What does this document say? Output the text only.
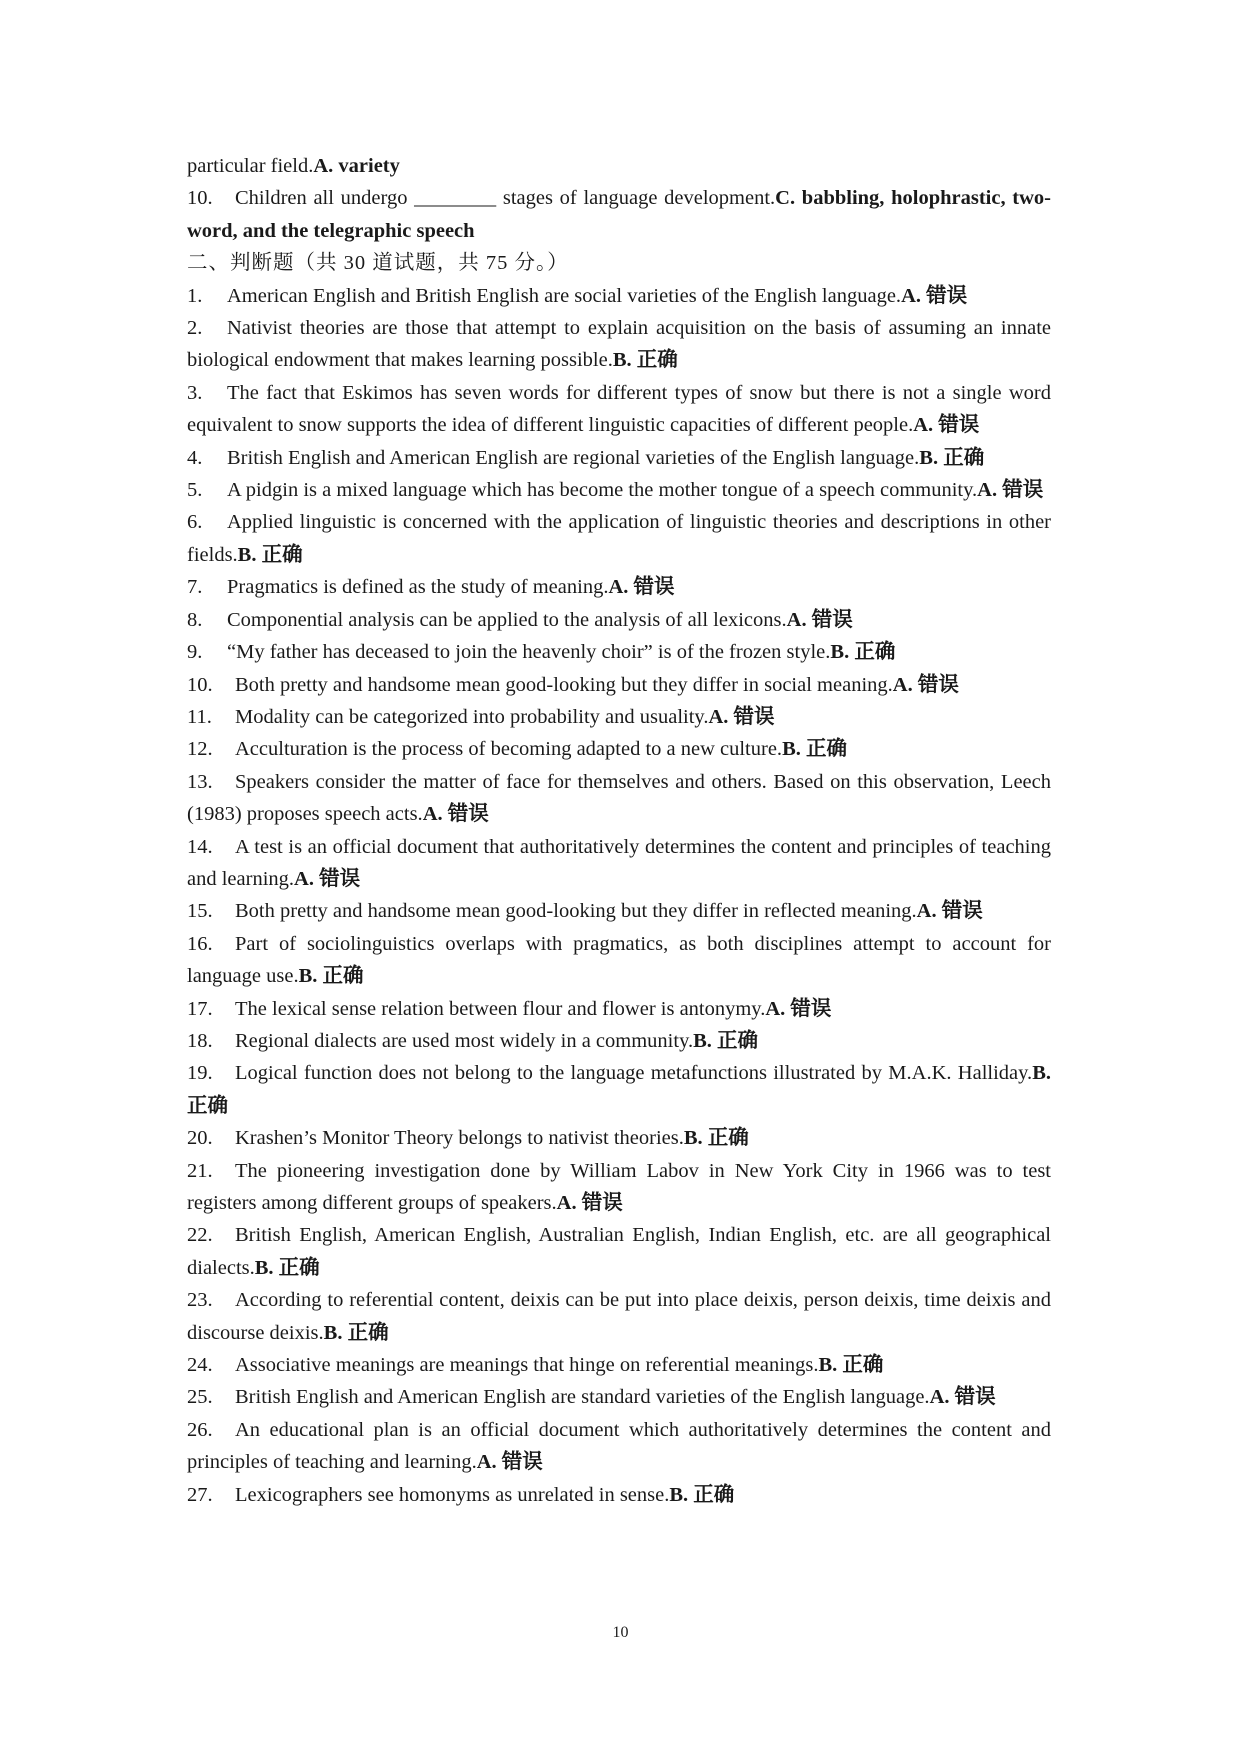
particular field.A. variety

10. Children all undergo ________ stages of language development.C. babbling, holophrastic, two-word, and the telegraphic speech

二、判断题（共 30 道试题，共 75 分。）

1. American English and British English are social varieties of the English language.A. 错误

2. Nativist theories are those that attempt to explain acquisition on the basis of assuming an innate biological endowment that makes learning possible.B. 正确

3. The fact that Eskimos has seven words for different types of snow but there is not a single word equivalent to snow supports the idea of different linguistic capacities of different people.A. 错误

4. British English and American English are regional varieties of the English language.B. 正确

5. A pidgin is a mixed language which has become the mother tongue of a speech community.A. 错误

6. Applied linguistic is concerned with the application of linguistic theories and descriptions in other fields.B. 正确

7. Pragmatics is defined as the study of meaning.A. 错误

8. Componential analysis can be applied to the analysis of all lexicons.A. 错误

9. “My father has deceased to join the heavenly choir” is of the frozen style.B. 正确

10. Both pretty and handsome mean good-looking but they differ in social meaning.A. 错误

11. Modality can be categorized into probability and usuality.A. 错误

12. Acculturation is the process of becoming adapted to a new culture.B. 正确

13. Speakers consider the matter of face for themselves and others. Based on this observation, Leech (1983) proposes speech acts.A. 错误

14. A test is an official document that authoritatively determines the content and principles of teaching and learning.A. 错误

15. Both pretty and handsome mean good-looking but they differ in reflected meaning.A. 错误

16. Part of sociolinguistics overlaps with pragmatics, as both disciplines attempt to account for language use.B. 正确

17. The lexical sense relation between flour and flower is antonymy.A. 错误

18. Regional dialects are used most widely in a community.B. 正确

19. Logical function does not belong to the language metafunctions illustrated by M.A.K. Halliday.B. 正确

20. Krashen’s Monitor Theory belongs to nativist theories.B. 正确

21. The pioneering investigation done by William Labov in New York City in 1966 was to test registers among different groups of speakers.A. 错误

22. British English, American English, Australian English, Indian English, etc. are all geographical dialects.B. 正确

23. According to referential content, deixis can be put into place deixis, person deixis, time deixis and discourse deixis.B. 正确

24. Associative meanings are meanings that hinge on referential meanings.B. 正确

25. British English and American English are standard varieties of the English language.A. 错误

26. An educational plan is an official document which authoritatively determines the content and principles of teaching and learning.A. 错误

27. Lexicographers see homonyms as unrelated in sense.B. 正确

10
